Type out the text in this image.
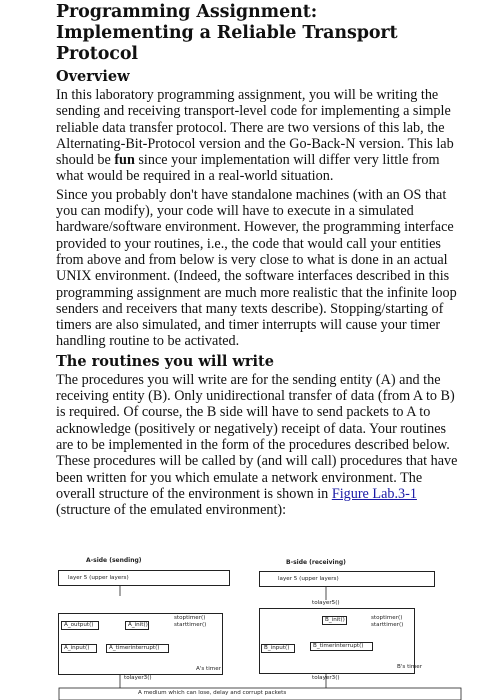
Programming Assignment: Implementing a Reliable Transport Protocol
Overview

In this laboratory programming assignment, you will be writing the sending and receiving transport-level code for implementing a simple reliable data transfer protocol. There are two versions of this lab, the Alternating-Bit-Protocol version and the Go-Back-N version. This lab should be fun since your implementation will differ very little from what would be required in a real-world situation.

Since you probably don't have standalone machines (with an OS that you can modify), your code will have to execute in a simulated hardware/software environment. However, the programming interface provided to your routines, i.e., the code that would call your entities from above and from below is very close to what is done in an actual UNIX environment. (Indeed, the software interfaces described in this programming assignment are much more realistic that the infinite loop senders and receivers that many texts describe). Stopping/starting of timers are also simulated, and timer interrupts will cause your timer handling routine to be activated.

The routines you will write

The procedures you will write are for the sending entity (A) and the receiving entity (B). Only unidirectional transfer of data (from A to B) is required. Of course, the B side will have to send packets to A to acknowledge (positively or negatively) receipt of data. Your routines are to be implemented in the form of the procedures described below. These procedures will be called by (and will call) procedures that have been written for you which emulate a network environment. The overall structure of the environment is shown in Figure Lab.3-1 (structure of the emulated environment):

A-side (sending)	B-side (receiving)
layer 5 (upper layers)
A_output()	A_init()
A_input()	A_timerinterrupt()
stoptimer()
starttimer()
A's timer
tolayer3()
layer 5 (upper layers)
tolayer5()
B_init()
B_input()	B_timerinterrupt()
stoptimer()
starttimer()
B's timer
tolayer3()
A medium which can lose, delay and corrupt packets
